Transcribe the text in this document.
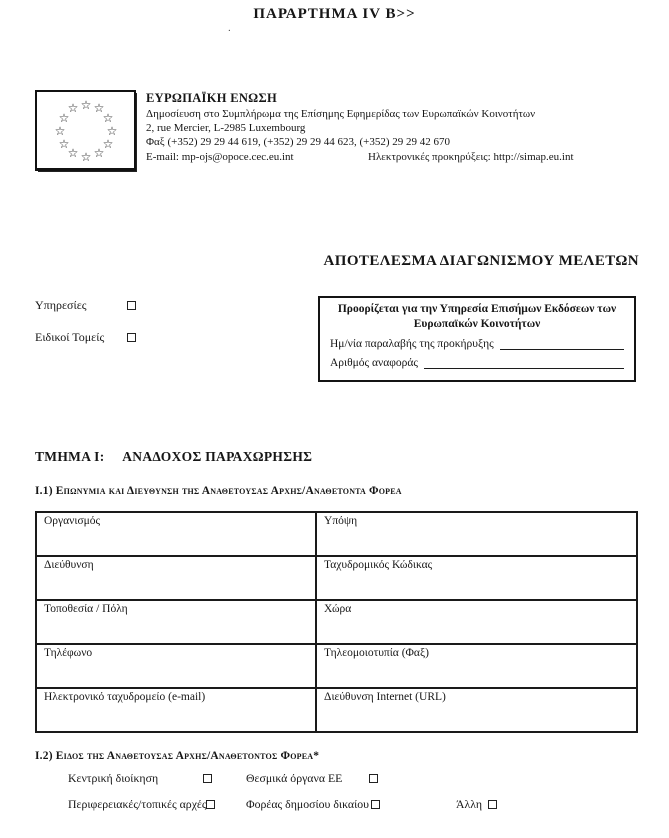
ΠΑΡΑΡΤΗΜΑ IV B>>
.
☆ ☆
☆
☆
☆
☆
☆
☆
☆
☆
☆
☆
ΕΥΡΩΠΑΪΚΗ ΕΝΩΣΗ
Δημοσίευση στο Συμπλήρωμα της Επίσημης Εφημερίδας των Ευρωπαϊκών Κοινοτήτων
2, rue Mercier, L-2985 Luxembourg
Φαξ (+352) 29 29 44 619, (+352) 29 29 44 623, (+352) 29 29 42 670
E-mail: mp-ojs@opoce.cec.eu.int	Ηλεκτρονικές προκηρύξεις: http://simap.eu.int
ΑΠΟΤΕΛΕΣΜΑ ΔΙΑΓΩΝΙΣΜΟΥ ΜΕΛΕΤΩΝ
Υπηρεσίες
Ειδικοί Τομείς
Προορίζεται για την Υπηρεσία Επισήμων Εκδόσεων των
Ευρωπαϊκών Κοινοτήτων
Ημ/νία παραλαβής της προκήρυξης
Αριθμός αναφοράς
ΤΜΗΜΑ I: ΑΝΑΔΟΧΟΣ ΠΑΡΑΧΩΡΗΣΗΣ
I.1) Επωνυμια και Διευθυνση της Αναθετουσας Αρχης/Αναθετοντα Φορεα
Οργανισμός	Υπόψη
Διεύθυνση	Ταχυδρομικός Κώδικας
Τοποθεσία / Πόλη	Χώρα
Τηλέφωνο	Τηλεομοιοτυπία (Φαξ)
Ηλεκτρονικό ταχυδρομείο (e-mail)	Διεύθυνση Internet (URL)
I.2) Ειδος της Αναθετουσας Αρχης/Αναθετοντος Φορεα*
Κεντρική διοίκηση	Θεσμικά όργανα ΕΕ
Περιφερειακές/τοπικές αρχές	Φορέας δημοσίου δικαίου	Άλλη
